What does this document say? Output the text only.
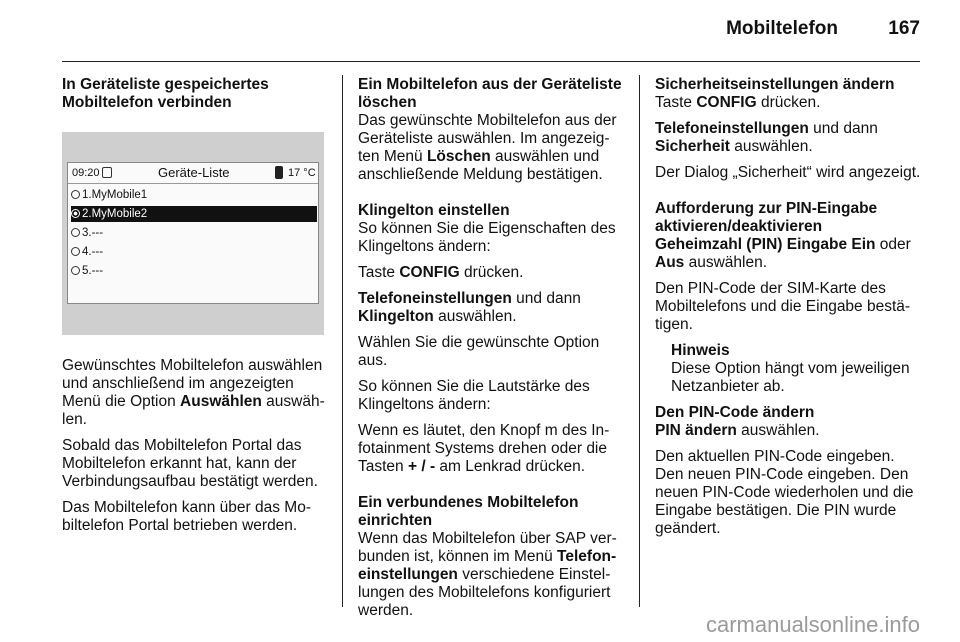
Mobiltelefon	167

In Geräteliste gespeichertes Mobiltelefon verbinden

09:20	Geräte-Liste	17 °C
1.MyMobile1
2.MyMobile2
3.---
4.---
5.---

Gewünschtes Mobiltelefon auswählen und anschließend im angezeigten Menü die Option Auswählen auswählen.

Sobald das Mobiltelefon Portal das Mobiltelefon erkannt hat, kann der Verbindungsaufbau bestätigt werden.

Das Mobiltelefon kann über das Mobiltelefon Portal betrieben werden.

Ein Mobiltelefon aus der Geräteliste löschen

Das gewünschte Mobiltelefon aus der Geräteliste auswählen. Im angezeigten Menü Löschen auswählen und anschließende Meldung bestätigen.

Klingelton einstellen

So können Sie die Eigenschaften des Klingeltons ändern:

Taste CONFIG drücken.

Telefoneinstellungen und dann
Klingelton auswählen.

Wählen Sie die gewünschte Option aus.

So können Sie die Lautstärke des Klingeltons ändern:

Wenn es läutet, den Knopf m des Infotainment Systems drehen oder die Tasten + / - am Lenkrad drücken.

Ein verbundenes Mobiltelefon einrichten

Wenn das Mobiltelefon über SAP verbunden ist, können im Menü Telefoneinstellungen verschiedene Einstellungen des Mobiltelefons konfiguriert werden.

Sicherheitseinstellungen ändern

Taste CONFIG drücken.

Telefoneinstellungen und dann
Sicherheit auswählen.

Der Dialog „Sicherheit“ wird angezeigt.

Aufforderung zur PIN-Eingabe aktivieren/deaktivieren

Geheimzahl (PIN) Eingabe Ein oder
Aus auswählen.

Den PIN-Code der SIM-Karte des Mobiltelefons und die Eingabe bestätigen.

Hinweis

Diese Option hängt vom jeweiligen Netzanbieter ab.

Den PIN-Code ändern

PIN ändern auswählen.

Den aktuellen PIN-Code eingeben. Den neuen PIN-Code eingeben. Den neuen PIN-Code wiederholen und die Eingabe bestätigen. Die PIN wurde geändert.

carmanualsonline.info
